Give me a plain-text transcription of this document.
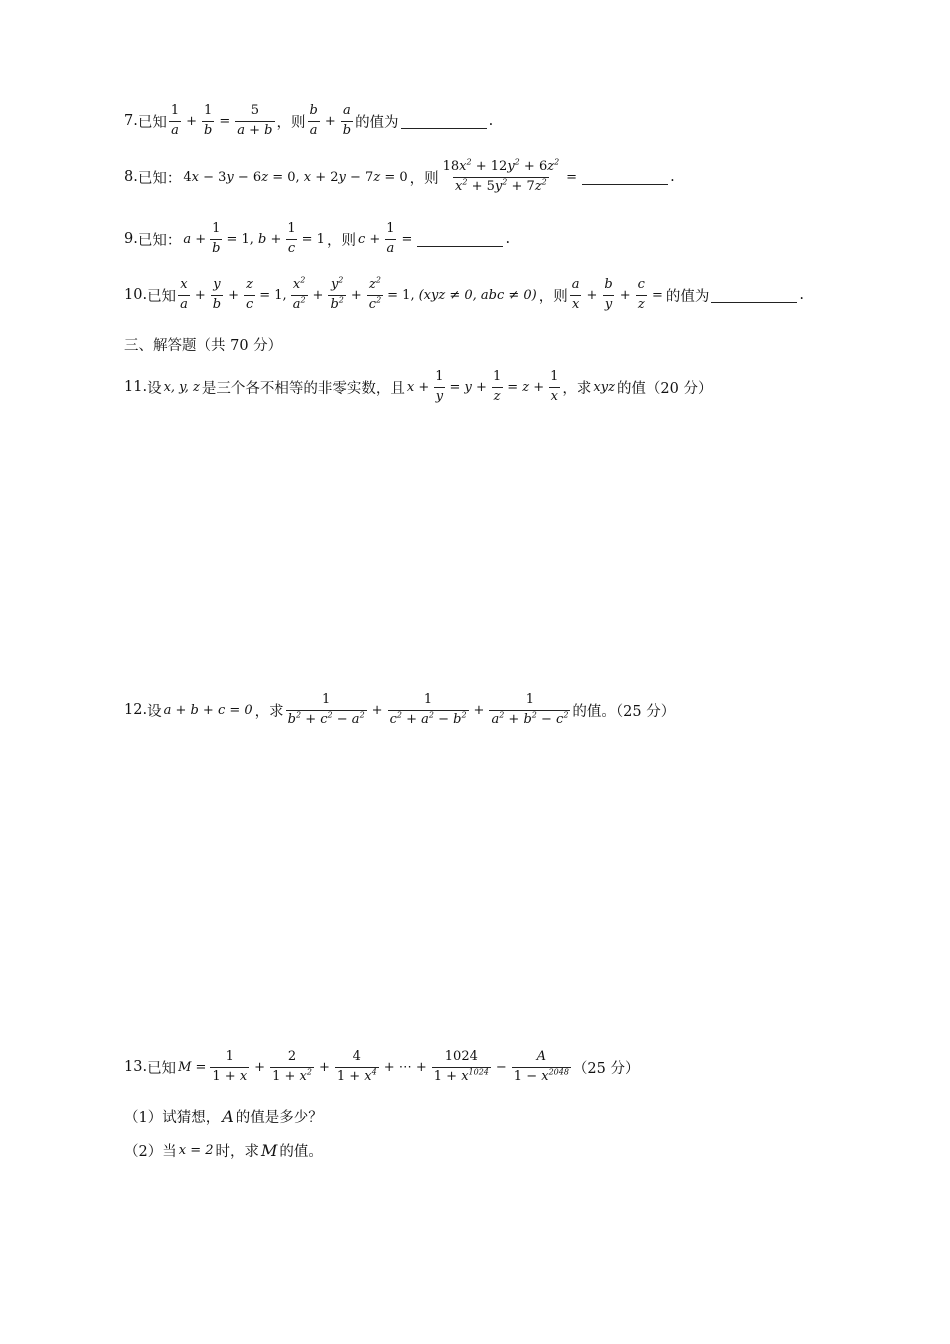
7. 已知 $\frac{1}{a} + \frac{1}{b} = \frac{5}{a + b}$ ，则 $\frac{b}{a} + \frac{a}{b}$ 的值为	.
8. 已知： 4x − 3y − 6z = 0, x + 2y − 7z = 0 ，则 $\frac{18x^2 + 12y^2 + 6z^2}{x^2 + 5y^2 + 7z^2}$ =	.
9. 已知： $a + \frac{1}{b} = 1$, $b + \frac{1}{c} = 1$ ，则 $c + \frac{1}{a}$ =	.
10. 已知 $\frac{x}{a} + \frac{y}{b} + \frac{z}{c} = 1$, $\frac{x^2}{a^2} + \frac{y^2}{b^2} + \frac{z^2}{c^2} = 1$, (xyz ≠ 0, abc ≠ 0) ，则 $\frac{a}{x} + \frac{b}{y} + \frac{c}{z}$ = 的值为	.
三、解答题（共 70 分）
11. 设 x, y, z 是三个各不相等的非零实数，且 $x + \frac{1}{y} = y + \frac{1}{z} = z + \frac{1}{x}$ ，求 xyz 的值（20 分）
12. 设 a + b + c = 0 ，求 $\frac{1}{b^2 + c^2 - a^2} + \frac{1}{c^2 + a^2 - b^2} + \frac{1}{a^2 + b^2 - c^2}$ 的值。（25 分）
13. 已知 $M = \frac{1}{1 + x} + \frac{2}{1 + x^2} + \frac{4}{1 + x^4}$ + ⋯ + $\frac{1024}{1 + x^{1024}} - \frac{A}{1 - x^{2048}} (25$ 分）
（1）试猜想， A 的值是多少？
（2）当 x = 2 时，求 M 的值。
